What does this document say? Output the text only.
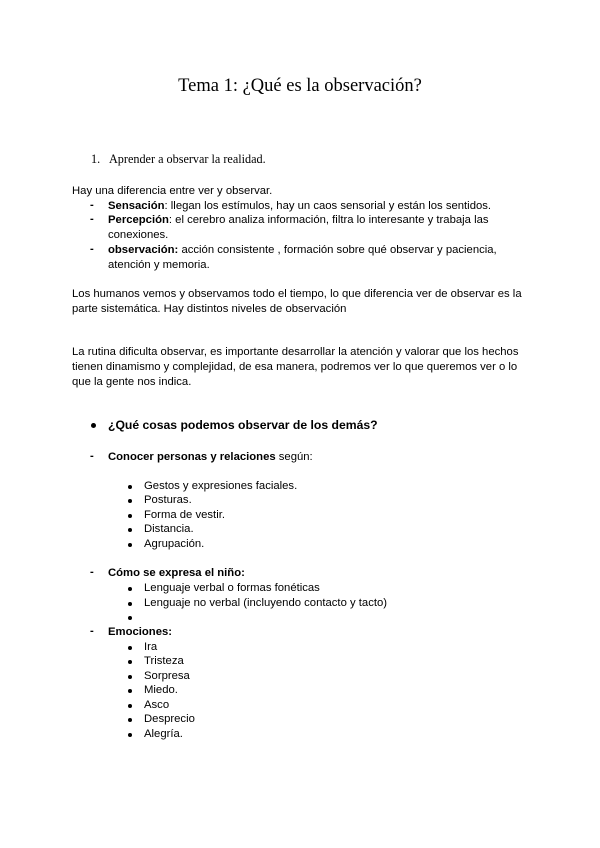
Tema 1: ¿Qué es la observación?
1. Aprender a observar la realidad.
Hay una diferencia entre ver y observar.
- Sensación: llegan los estímulos, hay un caos sensorial y están los sentidos.
- Percepción: el cerebro analiza información, filtra lo interesante y trabaja las
conexiones.
- observación: acción consistente , formación sobre qué observar y paciencia,
atención y memoria.
Los humanos vemos y observamos todo el tiempo, lo que diferencia ver de observar es la
parte sistemática. Hay distintos niveles de observación
La rutina dificulta observar, es importante desarrollar la atención y valorar que los hechos
tienen dinamismo y complejidad, de esa manera, podremos ver lo que queremos ver o lo
que la gente nos indica.
¿Qué cosas podemos observar de los demás?
- Conocer personas y relaciones según:
Gestos y expresiones faciales.
Posturas.
Forma de vestir.
Distancia.
Agrupación.
- Cómo se expresa el niño:
Lenguaje verbal o formas fonéticas
Lenguaje no verbal (incluyendo contacto y tacto)
- Emociones:
Ira
Tristeza
Sorpresa
Miedo.
Asco
Desprecio
Alegría.
